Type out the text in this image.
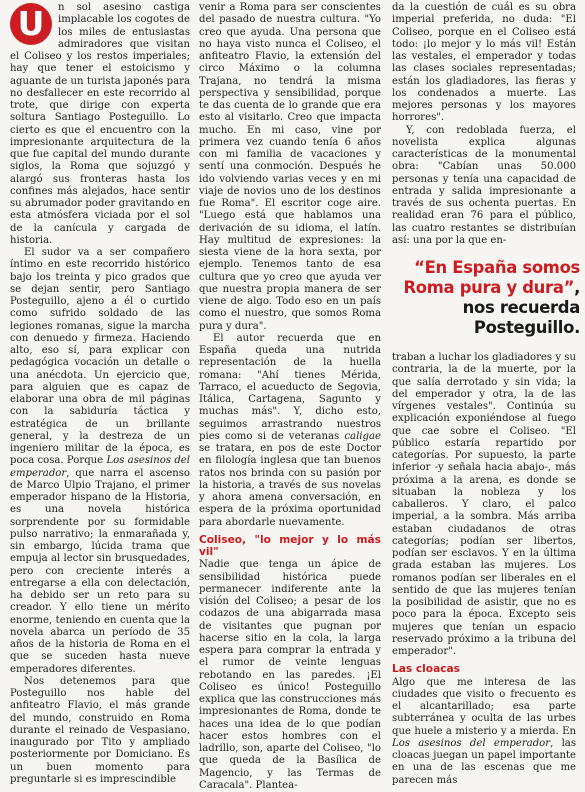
U	n sol asesino castiga implacable los cogotes de los miles de entusiastas admiradores que visitan el Coliseo y los restos imperiales; hay que tener el estoicismo y aguante de un turista japonés para no desfallecer en este recorrido al trote, que dirige con experta soltura Santiago Posteguillo. Lo cierto es que el encuentro con la impresionante arquitectura de la que fue capital del mundo durante siglos, la Roma que sojuzgó y alargó sus fronteras hasta los confines más alejados, hace sentir su abrumador poder gravitando en esta atmósfera viciada por el sol de la canícula y cargada de historia.

El sudor va a ser compañero íntimo en este recorrido histórico bajo los treinta y pico grados que se dejan sentir, pero Santiago Posteguillo, ajeno a él o curtido como sufrido soldado de las legiones romanas, sigue la marcha con denuedo y firmeza. Haciendo alto, eso sí, para explicar con pedagógica vocación un detalle o una anécdota. Un ejercicio que, para alguien que es capaz de elaborar una obra de mil páginas con la sabiduría táctica y estratégica de un brillante general, y la destreza de un ingeniero militar de la época, es poca cosa. Porque Los asesinos del emperador, que narra el ascenso de Marco Ulpio Trajano, el primer emperador hispano de la Historia, es una novela histórica sorprendente por su formidable pulso narrativo; la enmarañada y, sin embargo, lúcida trama que empuja al lector sin brusquedades, pero con creciente interés a entregarse a ella con delectación, ha debido ser un reto para su creador. Y ello tiene un mérito enorme, teniendo en cuenta que la novela abarca un período de 35 años de la historia de Roma en el que se suceden hasta nueve emperadores diferentes.

Nos detenemos para que Posteguillo nos hable del anfiteatro Flavio, el más grande del mundo, construido en Roma durante el reinado de Vespasiano, inaugurado por Tito y ampliado posteriormente por Domiciano. Es un buen momento para preguntarle si es imprescindible

venir a Roma para ser conscientes del pasado de nuestra cultura. "Yo creo que ayuda. Una persona que no haya visto nunca el Coliseo, el anfiteatro Flavio, la extensión del circo Máximo o la columna Trajana, no tendrá la misma perspectiva y sensibilidad, porque te das cuenta de lo grande que era esto al visitarlo. Creo que impacta mucho. En mi caso, vine por primera vez cuando tenía 6 años con mi familia de vacaciones y sentí una conmoción. Después he ido volviendo varias veces y en mi viaje de novios uno de los destinos fue Roma". El escritor coge aire. "Luego está que hablamos una derivación de su idioma, el latín. Hay multitud de expresiones: la siesta viene de la hora sexta, por ejemplo. Tenemos tanto de esa cultura que yo creo que ayuda ver que nuestra propia manera de ser viene de algo. Todo eso en un país como el nuestro, que somos Roma pura y dura".

El autor recuerda que en España queda una nutrida representación de la huella romana: "Ahí tienes Mérida, Tarraco, el acueducto de Segovia, Itálica, Cartagena, Sagunto y muchas más". Y, dicho esto, seguimos arrastrando nuestros pies como si de veteranas caligae se tratara, en pos de este Doctor en filología inglesa que tan buenos ratos nos brinda con su pasión por la historia, a través de sus novelas y ahora amena conversación, en espera de la próxima oportunidad para abordarle nuevamente.

Coliseo, "lo mejor y lo más vil"

Nadie que tenga un ápice de sensibilidad histórica puede permanecer indiferente ante la visión del Coliseo; a pesar de los codazos de una abigarrada masa de visitantes que pugnan por hacerse sitio en la cola, la larga espera para comprar la entrada y el rumor de veinte lenguas rebotando en las paredes. ¡El Coliseo es único! Posteguillo explica que las construcciones más impresionantes de Roma, donde te haces una idea de lo que podían hacer estos hombres con el ladrillo, son, aparte del Coliseo, "lo que queda de la Basílica de Magencio, y las Termas de Caracala". Plantea-

da la cuestión de cuál es su obra imperial preferida, no duda: "El Coliseo, porque en el Coliseo está todo: ¡lo mejor y lo más vil! Están las vestales, el emperador y todas las clases sociales representadas; están los gladiadores, las fieras y los condenados a muerte. Las mejores personas y los mayores horrores".

Y, con redoblada fuerza, el novelista explica algunas características de la monumental obra: "Cabían unas 50.000 personas y tenía una capacidad de entrada y salida impresionante a través de sus ochenta puertas. En realidad eran 76 para el público, las cuatro restantes se distribuían así: una por la que en-

“En España somos Roma pura y dura”, nos recuerda Posteguillo.

traban a luchar los gladiadores y su contraria, la de la muerte, por la que salía derrotado y sin vida; la del emperador y otra, la de las vírgenes vestales". Continúa su explicación exponiéndose al fuego que cae sobre el Coliseo. "El público estaría repartido por categorías. Por supuesto, la parte inferior -y señala hacia abajo-, más próxima a la arena, es donde se situaban la nobleza y los caballeros. Y claro, el palco imperial, a la sombra. Más arriba estaban ciudadanos de otras categorías; podían ser libertos, podían ser esclavos. Y en la última grada estaban las mujeres. Los romanos podían ser liberales en el sentido de que las mujeres tenían la posibilidad de asistir, que no es poco para la época. Excepto seis mujeres que tenían un espacio reservado próximo a la tribuna del emperador".

Las cloacas

Algo que me interesa de las ciudades que visito o frecuento es el alcantarillado; esa parte subterránea y oculta de las urbes que huele a misterio y a mierda. En Los asesinos del emperador, las cloacas juegan un papel importante en una de las escenas que me parecen más
